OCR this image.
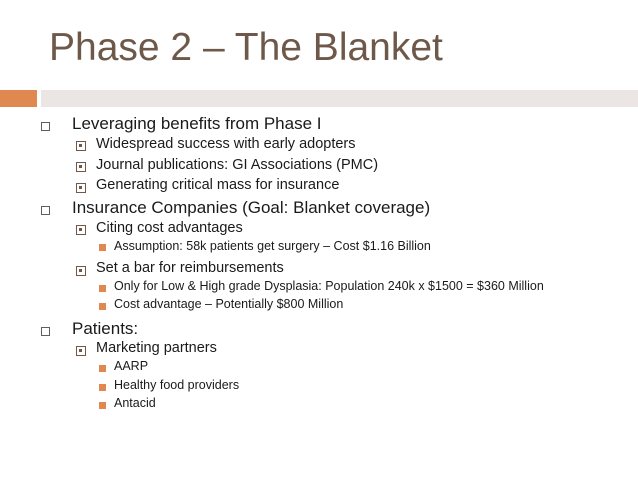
Phase 2 – The Blanket
Leveraging benefits from Phase I
Widespread success with early adopters
Journal publications: GI Associations (PMC)
Generating critical mass for insurance
Insurance Companies (Goal: Blanket coverage)
Citing cost advantages
Assumption: 58k patients get surgery – Cost $1.16 Billion
Set a bar for reimbursements
Only for Low & High grade Dysplasia: Population 240k x $1500 = $360 Million
Cost advantage – Potentially $800 Million
Patients:
Marketing partners
AARP
Healthy food providers
Antacid
